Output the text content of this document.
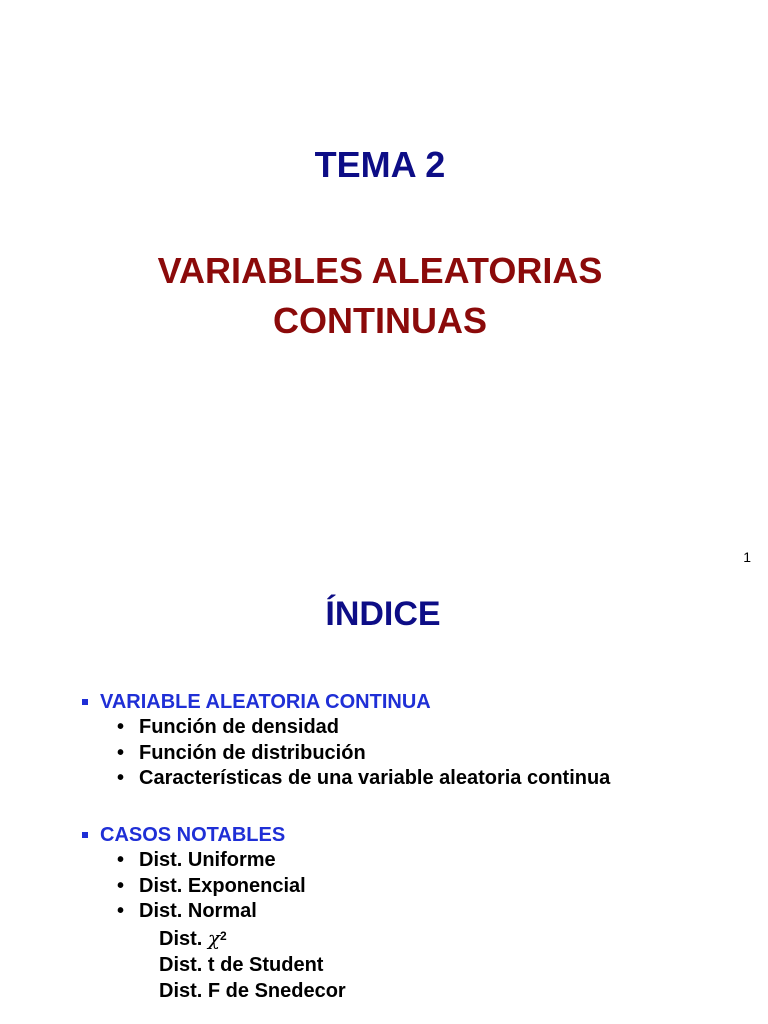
TEMA 2
VARIABLES ALEATORIAS
CONTINUAS
1
ÍNDICE
VARIABLE ALEATORIA CONTINUA
• Función de densidad
• Función de distribución
• Características de una variable aleatoria continua
CASOS NOTABLES
• Dist. Uniforme
• Dist. Exponencial
• Dist. Normal
Dist. $\chi^2$
Dist. t de Student
Dist. F de Snedecor
